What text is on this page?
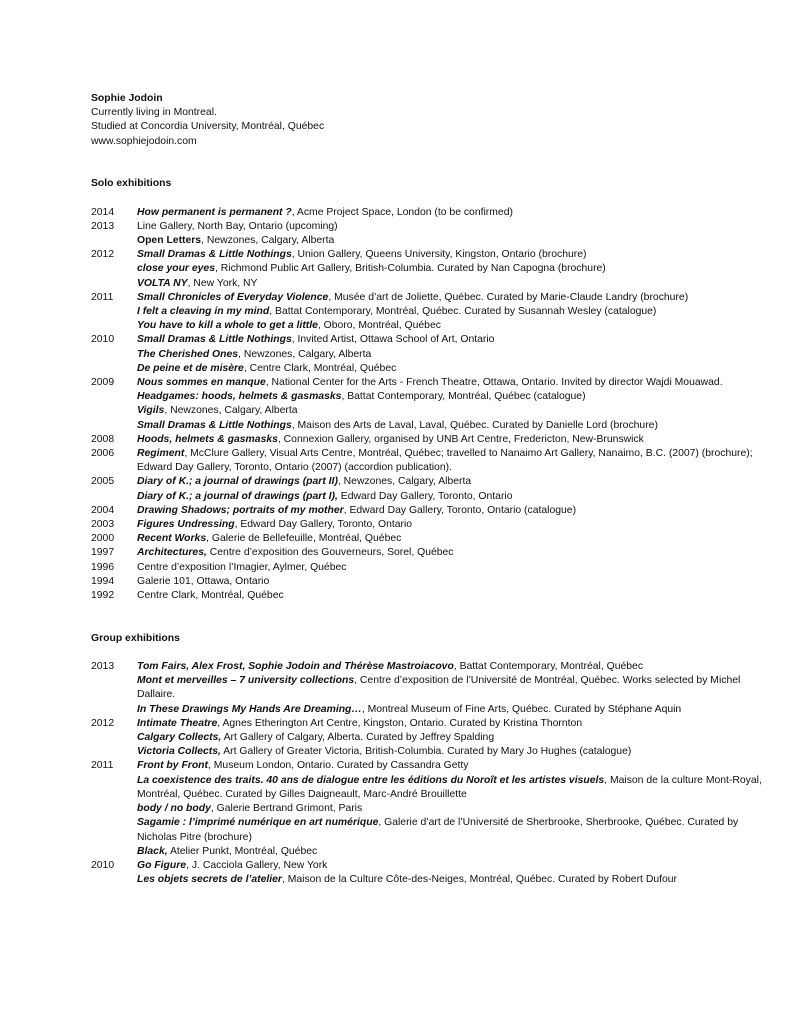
Sophie Jodoin
Currently living in Montreal.
Studied at Concordia University, Montréal, Québec
www.sophiejodoin.com
Solo exhibitions
2014	How permanent is permanent ?, Acme Project Space, London (to be confirmed)
2013	Line Gallery, North Bay, Ontario (upcoming)
Open Letters, Newzones, Calgary, Alberta
2012	Small Dramas & Little Nothings, Union Gallery, Queens University, Kingston, Ontario (brochure)
close your eyes, Richmond Public Art Gallery, British-Columbia. Curated by Nan Capogna (brochure)
VOLTA NY, New York, NY
2011	Small Chronicles of Everyday Violence, Musée d’art de Joliette, Québec. Curated by Marie-Claude Landry (brochure)
I felt a cleaving in my mind, Battat Contemporary, Montréal, Québec. Curated by Susannah Wesley (catalogue)
You have to kill a whole to get a little, Oboro, Montréal, Québec
2010	Small Dramas & Little Nothings, Invited Artist, Ottawa School of Art, Ontario
The Cherished Ones, Newzones, Calgary, Alberta
De peine et de misère, Centre Clark, Montréal, Québec
2009	Nous sommes en manque, National Center for the Arts - French Theatre, Ottawa, Ontario. Invited by director Wajdi Mouawad.
Headgames: hoods, helmets & gasmasks, Battat Contemporary, Montréal, Québec (catalogue)
Vigils, Newzones, Calgary, Alberta
Small Dramas & Little Nothings, Maison des Arts de Laval, Laval, Québec. Curated by Danielle Lord (brochure)
2008	Hoods, helmets & gasmasks, Connexion Gallery, organised by UNB Art Centre, Fredericton, New-Brunswick
2006	Regiment, McClure Gallery, Visual Arts Centre, Montréal, Québec; travelled to Nanaimo Art Gallery, Nanaimo, B.C. (2007) (brochure); Edward Day Gallery, Toronto, Ontario (2007) (accordion publication).
2005	Diary of K.; a journal of drawings (part II), Newzones, Calgary, Alberta
Diary of K.; a journal of drawings (part I), Edward Day Gallery, Toronto, Ontario
2004	Drawing Shadows; portraits of my mother, Edward Day Gallery, Toronto, Ontario (catalogue)
2003	Figures Undressing, Edward Day Gallery, Toronto, Ontario
2000	Recent Works, Galerie de Bellefeuille, Montréal, Québec
1997	Architectures, Centre d’exposition des Gouverneurs, Sorel, Québec
1996	Centre d’exposition l’Imagier, Aylmer, Québec
1994	Galerie 101, Ottawa, Ontario
1992	Centre Clark, Montréal, Québec
Group exhibitions
2013	Tom Fairs, Alex Frost, Sophie Jodoin and Thérèse Mastroiacovo, Battat Contemporary, Montréal, Québec
Mont et merveilles – 7 university collections, Centre d’exposition de l’Université de Montréal, Québec. Works selected by Michel Dallaire.
In These Drawings My Hands Are Dreaming…, Montreal Museum of Fine Arts, Québec. Curated by Stéphane Aquin
2012	Intimate Theatre, Agnes Etherington Art Centre, Kingston, Ontario. Curated by Kristina Thornton
Calgary Collects, Art Gallery of Calgary, Alberta. Curated by Jeffrey Spalding
Victoria Collects, Art Gallery of Greater Victoria, British-Columbia. Curated by Mary Jo Hughes (catalogue)
2011	Front by Front, Museum London, Ontario. Curated by Cassandra Getty
La coexistence des traits. 40 ans de dialogue entre les éditions du Noroît et les artistes visuels, Maison de la culture Mont-Royal, Montréal, Québec. Curated by Gilles Daigneault, Marc-André Brouillette
body / no body, Galerie Bertrand Grimont, Paris
Sagamie : l’imprimé numérique en art numérique, Galerie d’art de l’Université de Sherbrooke, Sherbrooke, Québec. Curated by Nicholas Pitre (brochure)
Black, Atelier Punkt, Montréal, Québec
2010	Go Figure, J. Cacciola Gallery, New York
Les objets secrets de l’atelier, Maison de la Culture Côte-des-Neiges, Montréal, Québec. Curated by Robert Dufour
